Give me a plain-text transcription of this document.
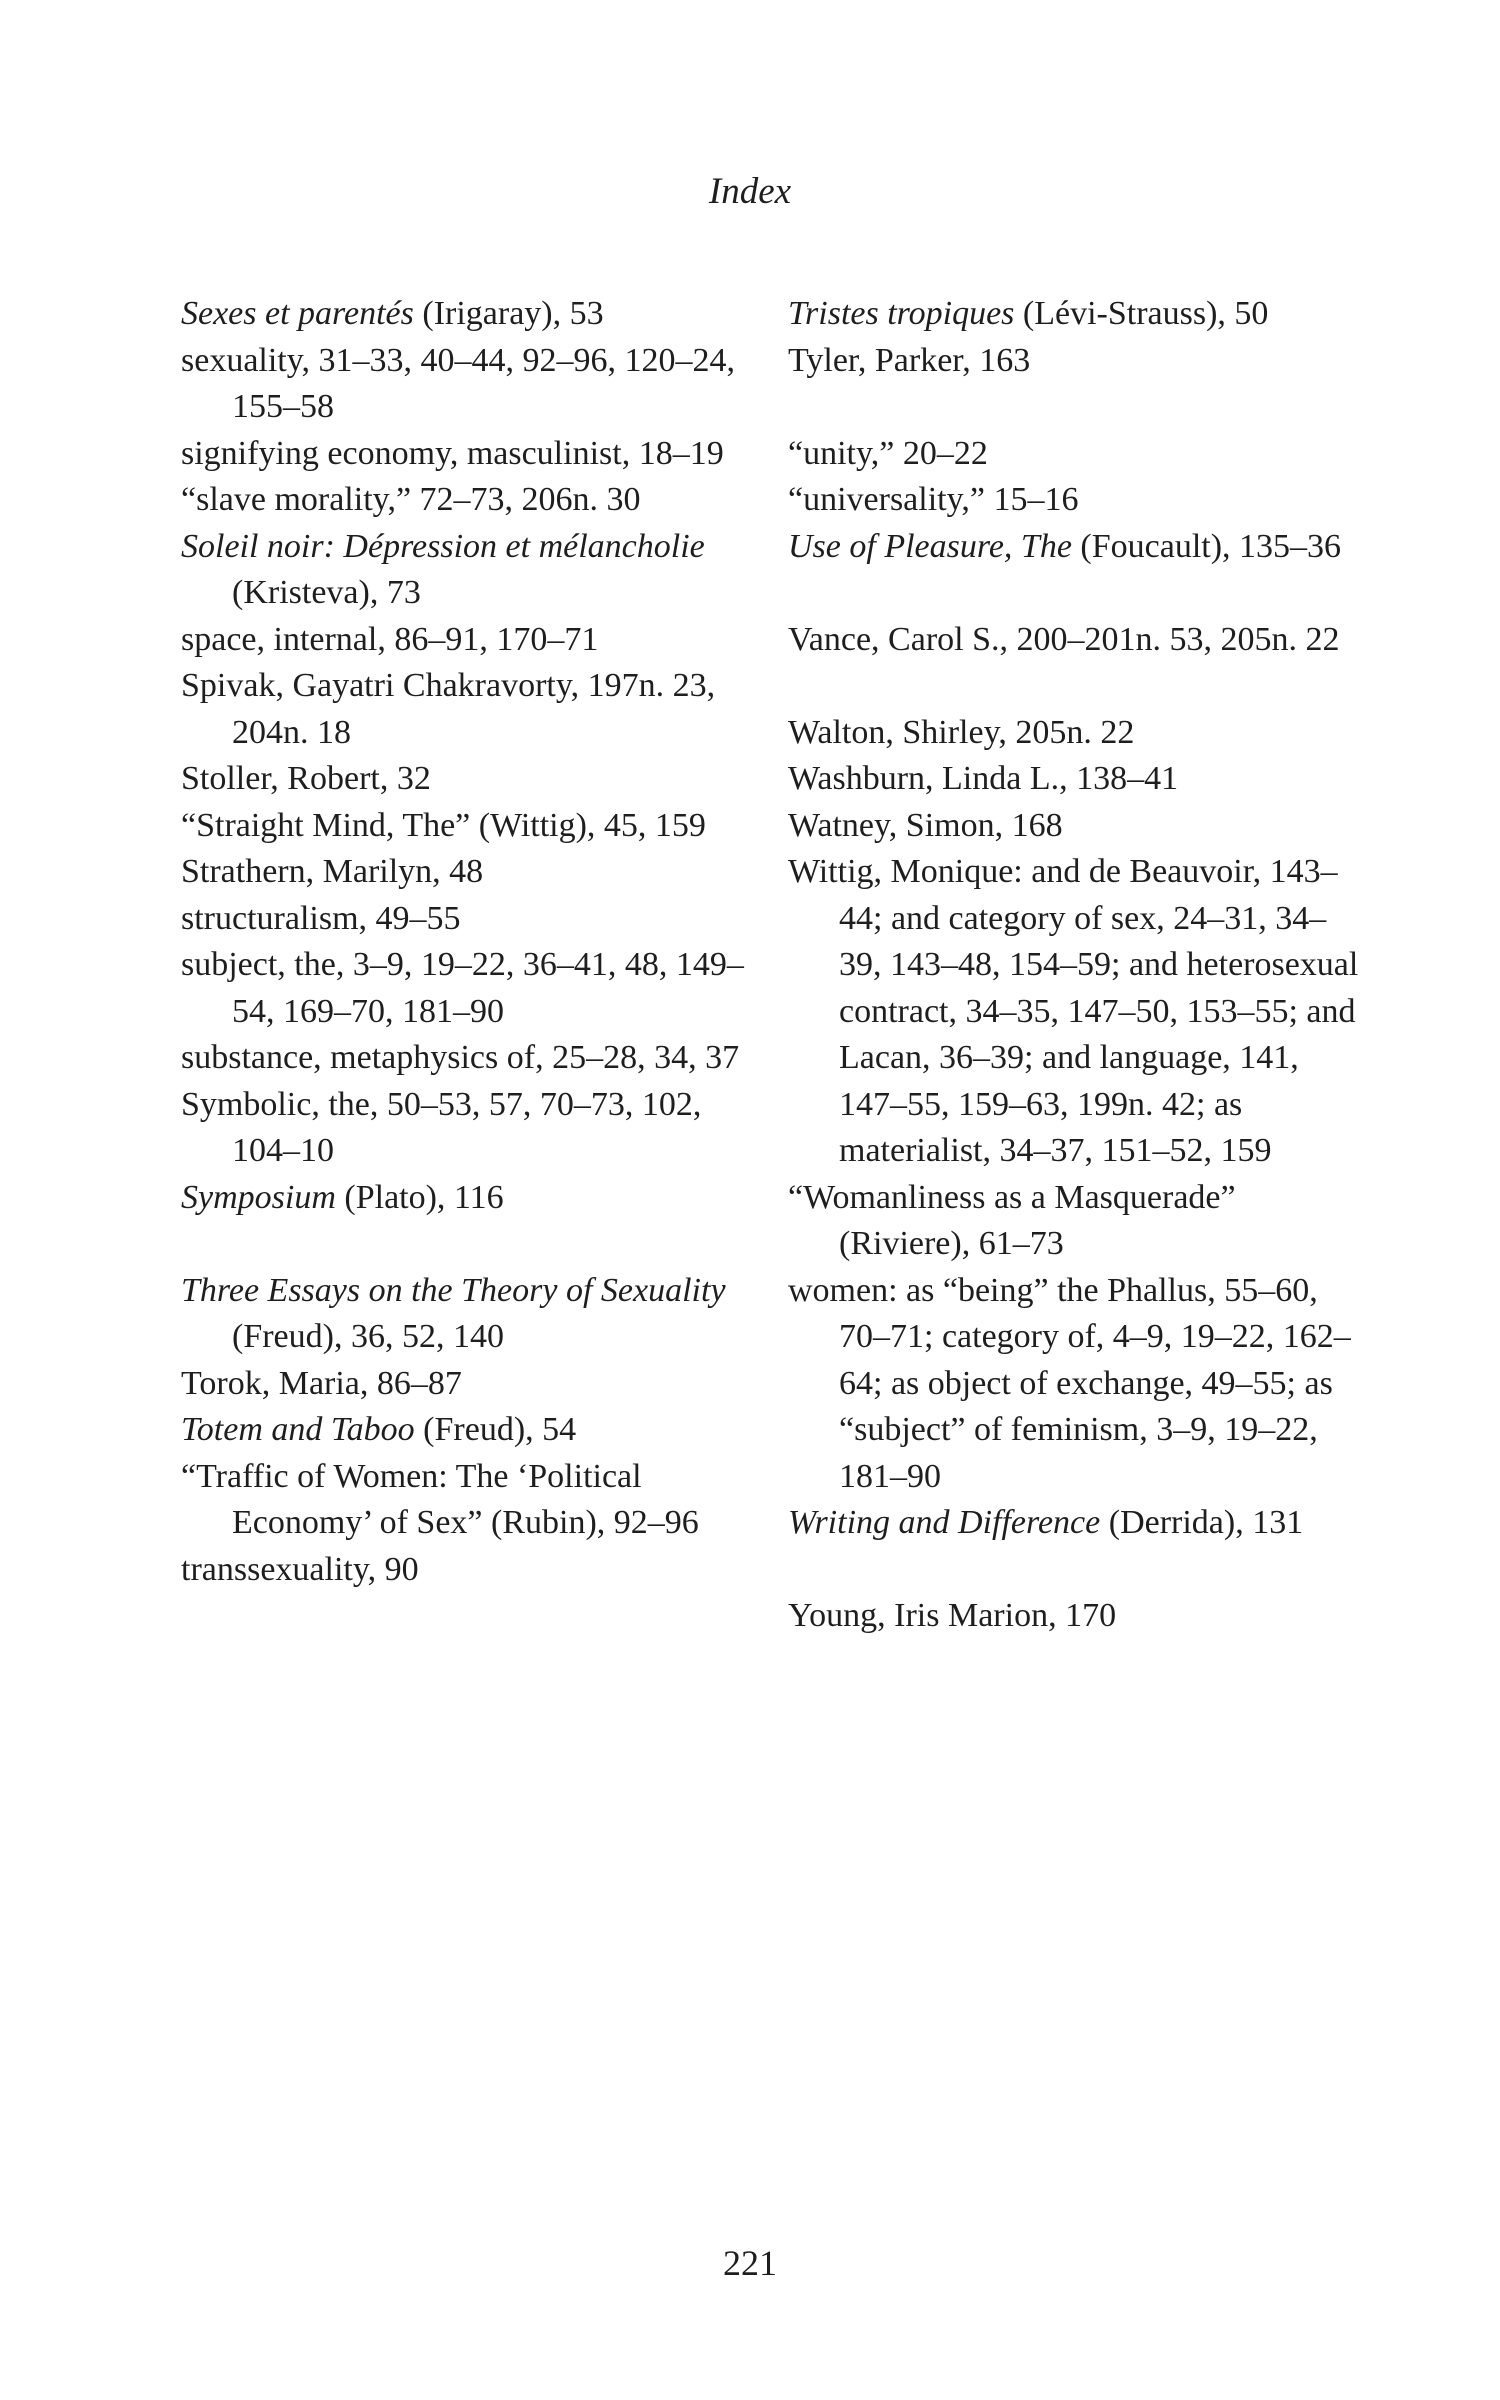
Index
Sexes et parentés (Irigaray), 53
sexuality, 31–33, 40–44, 92–96, 120–24, 155–58
signifying economy, masculinist, 18–19
“slave morality,” 72–73, 206n. 30
Soleil noir: Dépression et mélancholie (Kristeva), 73
space, internal, 86–91, 170–71
Spivak, Gayatri Chakravorty, 197n. 23, 204n. 18
Stoller, Robert, 32
“Straight Mind, The” (Wittig), 45, 159
Strathern, Marilyn, 48
structuralism, 49–55
subject, the, 3–9, 19–22, 36–41, 48, 149–54, 169–70, 181–90
substance, metaphysics of, 25–28, 34, 37
Symbolic, the, 50–53, 57, 70–73, 102, 104–10
Symposium (Plato), 116
Three Essays on the Theory of Sexuality (Freud), 36, 52, 140
Torok, Maria, 86–87
Totem and Taboo (Freud), 54
“Traffic of Women: The ‘Political Economy’ of Sex” (Rubin), 92–96
transsexuality, 90
Tristes tropiques (Lévi-Strauss), 50
Tyler, Parker, 163
“unity,” 20–22
“universality,” 15–16
Use of Pleasure, The (Foucault), 135–36
Vance, Carol S., 200–201n. 53, 205n. 22
Walton, Shirley, 205n. 22
Washburn, Linda L., 138–41
Watney, Simon, 168
Wittig, Monique: and de Beauvoir, 143–44; and category of sex, 24–31, 34–39, 143–48, 154–59; and heterosexual contract, 34–35, 147–50, 153–55; and Lacan, 36–39; and language, 141, 147–55, 159–63, 199n. 42; as materialist, 34–37, 151–52, 159
“Womanliness as a Masquerade” (Riviere), 61–73
women: as “being” the Phallus, 55–60, 70–71; category of, 4–9, 19–22, 162–64; as object of exchange, 49–55; as “subject” of feminism, 3–9, 19–22, 181–90
Writing and Difference (Derrida), 131
Young, Iris Marion, 170
221
